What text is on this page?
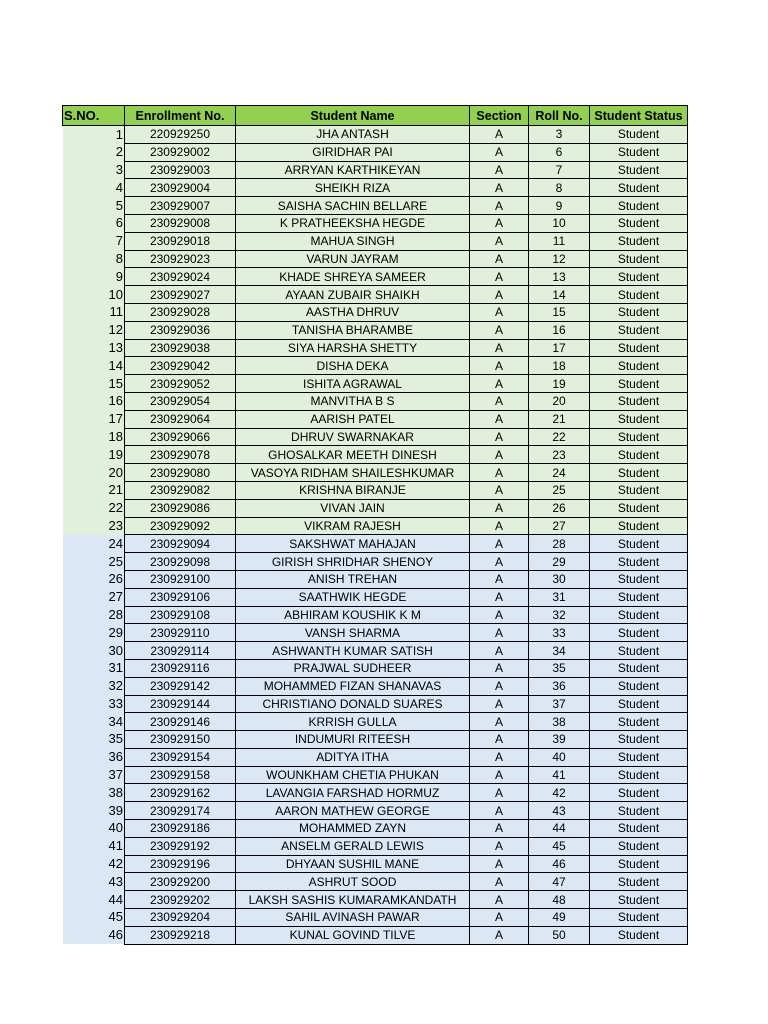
S.NO.	Enrollment No.	Student Name	Section	Roll No.	Student Status
1	220929250	JHA ANTASH	A	3	Student
2	230929002	GIRIDHAR PAI	A	6	Student
3	230929003	ARRYAN KARTHIKEYAN	A	7	Student
4	230929004	SHEIKH RIZA	A	8	Student
5	230929007	SAISHA SACHIN BELLARE	A	9	Student
6	230929008	K PRATHEEKSHA HEGDE	A	10	Student
7	230929018	MAHUA SINGH	A	11	Student
8	230929023	VARUN JAYRAM	A	12	Student
9	230929024	KHADE SHREYA SAMEER	A	13	Student
10	230929027	AYAAN ZUBAIR SHAIKH	A	14	Student
11	230929028	AASTHA DHRUV	A	15	Student
12	230929036	TANISHA BHARAMBE	A	16	Student
13	230929038	SIYA HARSHA SHETTY	A	17	Student
14	230929042	DISHA DEKA	A	18	Student
15	230929052	ISHITA AGRAWAL	A	19	Student
16	230929054	MANVITHA B S	A	20	Student
17	230929064	AARISH PATEL	A	21	Student
18	230929066	DHRUV SWARNAKAR	A	22	Student
19	230929078	GHOSALKAR MEETH DINESH	A	23	Student
20	230929080	VASOYA RIDHAM SHAILESHKUMAR	A	24	Student
21	230929082	KRISHNA BIRANJE	A	25	Student
22	230929086	VIVAN JAIN	A	26	Student
23	230929092	VIKRAM RAJESH	A	27	Student
24	230929094	SAKSHWAT MAHAJAN	A	28	Student
25	230929098	GIRISH SHRIDHAR SHENOY	A	29	Student
26	230929100	ANISH TREHAN	A	30	Student
27	230929106	SAATHWIK HEGDE	A	31	Student
28	230929108	ABHIRAM KOUSHIK K M	A	32	Student
29	230929110	VANSH SHARMA	A	33	Student
30	230929114	ASHWANTH KUMAR SATISH	A	34	Student
31	230929116	PRAJWAL SUDHEER	A	35	Student
32	230929142	MOHAMMED FIZAN SHANAVAS	A	36	Student
33	230929144	CHRISTIANO DONALD SUARES	A	37	Student
34	230929146	KRRISH GULLA	A	38	Student
35	230929150	INDUMURI RITEESH	A	39	Student
36	230929154	ADITYA ITHA	A	40	Student
37	230929158	WOUNKHAM CHETIA PHUKAN	A	41	Student
38	230929162	LAVANGIA FARSHAD HORMUZ	A	42	Student
39	230929174	AARON MATHEW GEORGE	A	43	Student
40	230929186	MOHAMMED ZAYN	A	44	Student
41	230929192	ANSELM GERALD LEWIS	A	45	Student
42	230929196	DHYAAN SUSHIL MANE	A	46	Student
43	230929200	ASHRUT SOOD	A	47	Student
44	230929202	LAKSH SASHIS KUMARAMKANDATH	A	48	Student
45	230929204	SAHIL AVINASH PAWAR	A	49	Student
46	230929218	KUNAL GOVIND TILVE	A	50	Student
